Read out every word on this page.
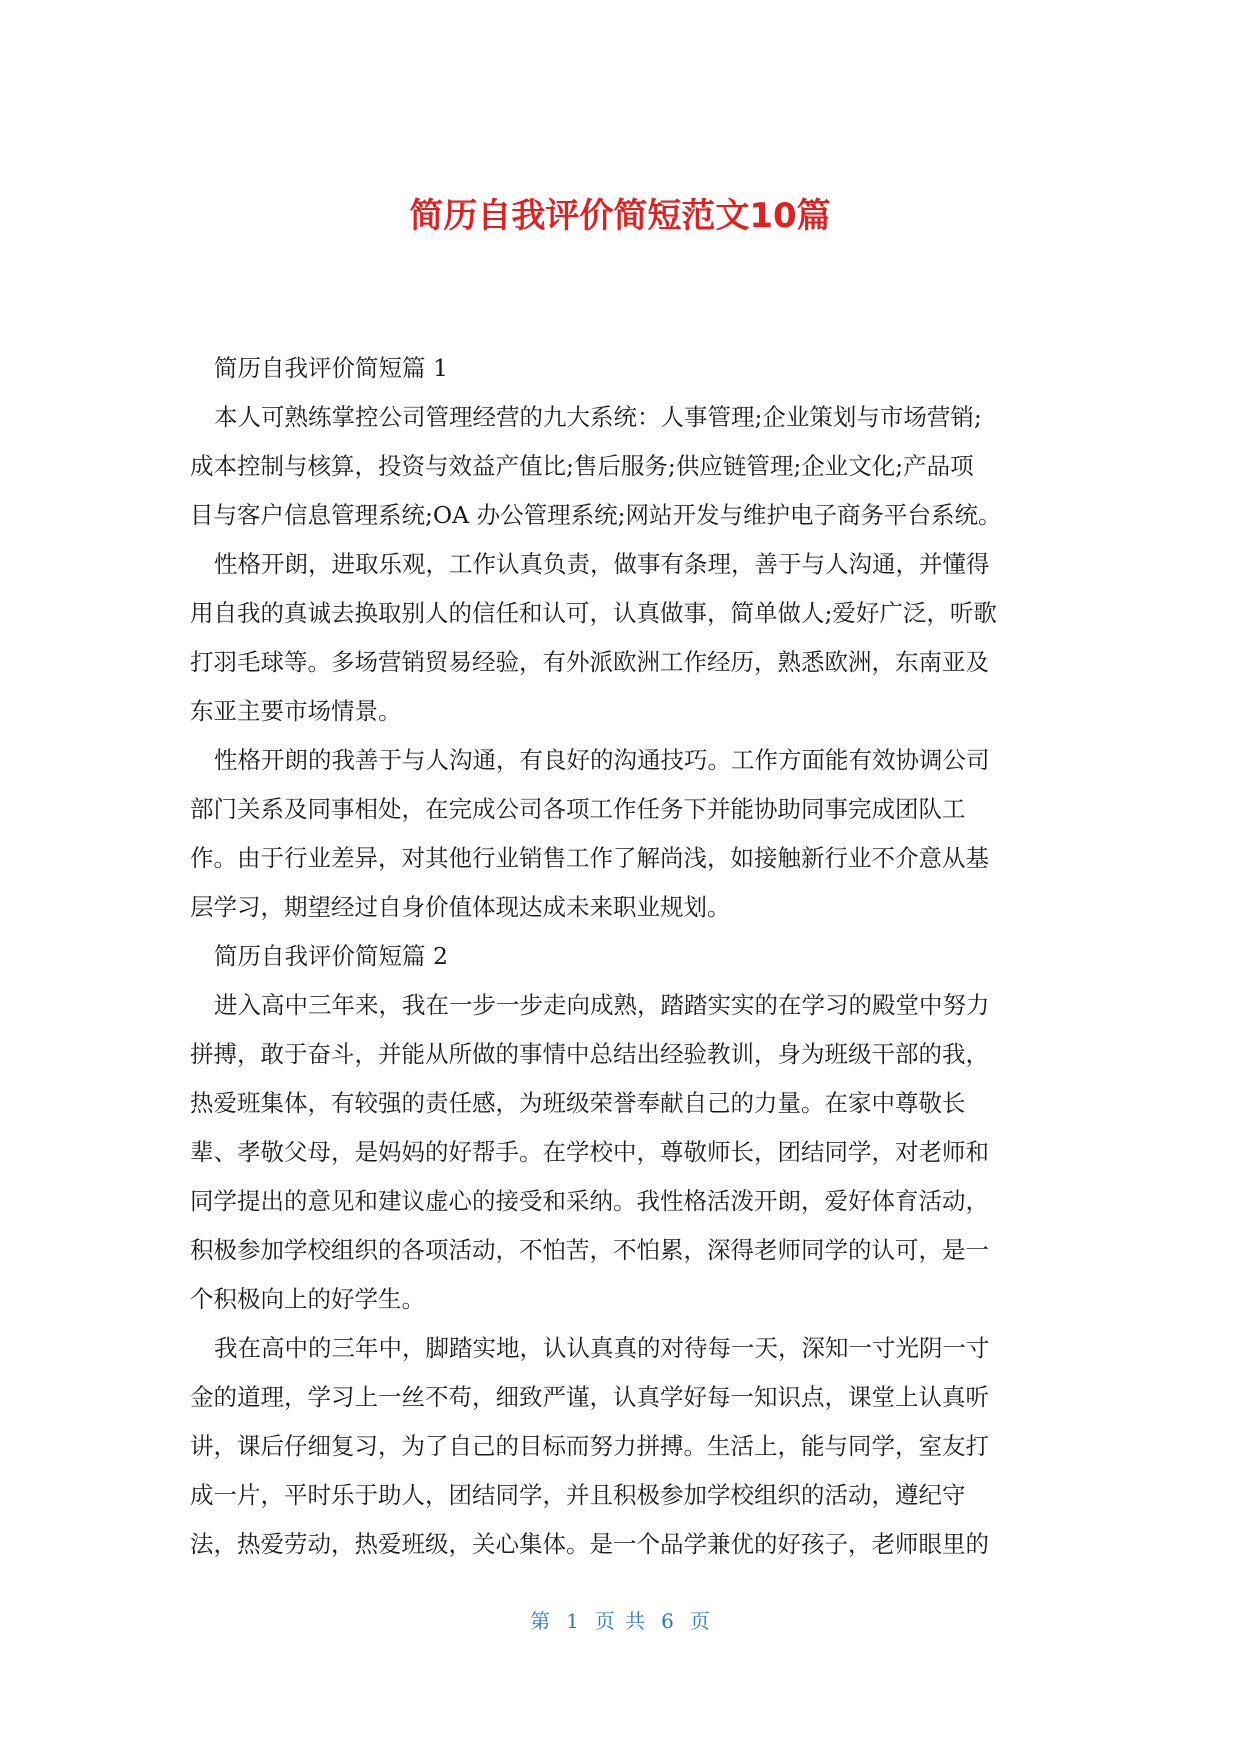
简历自我评价简短范文10篇
简历自我评价简短篇 1
本人可熟练掌控公司管理经营的九大系统：人事管理;企业策划与市场营销;
成本控制与核算，投资与效益产值比;售后服务;供应链管理;企业文化;产品项
目与客户信息管理系统;OA 办公管理系统;网站开发与维护电子商务平台系统。
性格开朗，进取乐观，工作认真负责，做事有条理，善于与人沟通，并懂得
用自我的真诚去换取别人的信任和认可，认真做事，简单做人;爱好广泛，听歌
打羽毛球等。多场营销贸易经验，有外派欧洲工作经历，熟悉欧洲，东南亚及
东亚主要市场情景。
性格开朗的我善于与人沟通，有良好的沟通技巧。工作方面能有效协调公司
部门关系及同事相处，在完成公司各项工作任务下并能协助同事完成团队工
作。由于行业差异，对其他行业销售工作了解尚浅，如接触新行业不介意从基
层学习，期望经过自身价值体现达成未来职业规划。
简历自我评价简短篇 2
进入高中三年来，我在一步一步走向成熟，踏踏实实的在学习的殿堂中努力
拼搏，敢于奋斗，并能从所做的事情中总结出经验教训，身为班级干部的我，
热爱班集体，有较强的责任感，为班级荣誉奉献自己的力量。在家中尊敬长
辈、孝敬父母，是妈妈的好帮手。在学校中，尊敬师长，团结同学，对老师和
同学提出的意见和建议虚心的接受和采纳。我性格活泼开朗，爱好体育活动，
积极参加学校组织的各项活动，不怕苦，不怕累，深得老师同学的认可，是一
个积极向上的好学生。
我在高中的三年中，脚踏实地，认认真真的对待每一天，深知一寸光阴一寸
金的道理，学习上一丝不苟，细致严谨，认真学好每一知识点，课堂上认真听
讲，课后仔细复习，为了自己的目标而努力拼搏。生活上，能与同学，室友打
成一片，平时乐于助人，团结同学，并且积极参加学校组织的活动，遵纪守
法，热爱劳动，热爱班级，关心集体。是一个品学兼优的好孩子，老师眼里的
第 1 页 共 6 页
